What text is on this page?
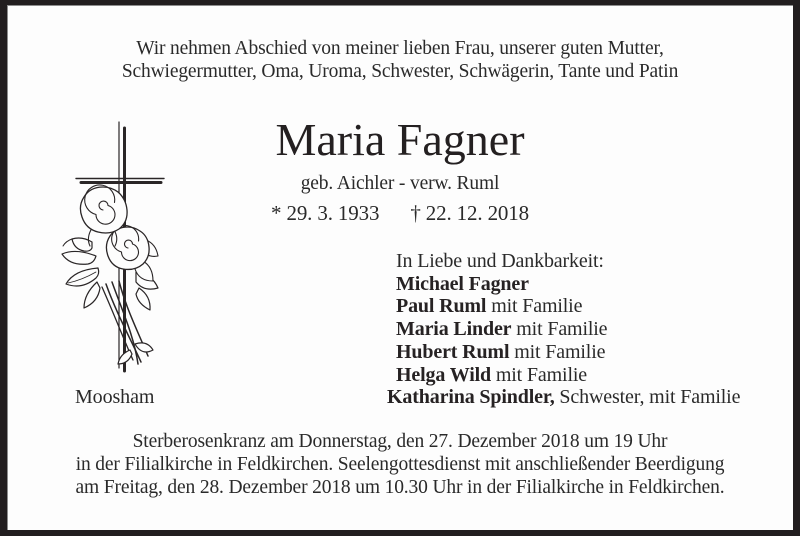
Wir nehmen Abschied von meiner lieben Frau, unserer guten Mutter,
Schwiegermutter, Oma, Uroma, Schwester, Schwägerin, Tante und Patin
Maria Fagner
geb. Aichler - verw. Ruml
* 29. 3. 1933 † 22. 12. 2018
In Liebe und Dankbarkeit:
Michael Fagner
Paul Ruml mit Familie
Maria Linder mit Familie
Hubert Ruml mit Familie
Helga Wild mit Familie
Katharina Spindler, Schwester, mit Familie
Moosham
Sterberosenkranz am Donnerstag, den 27. Dezember 2018 um 19 Uhr
in der Filialkirche in Feldkirchen. Seelengottesdienst mit anschließender Beerdigung
am Freitag, den 28. Dezember 2018 um 10.30 Uhr in der Filialkirche in Feldkirchen.
